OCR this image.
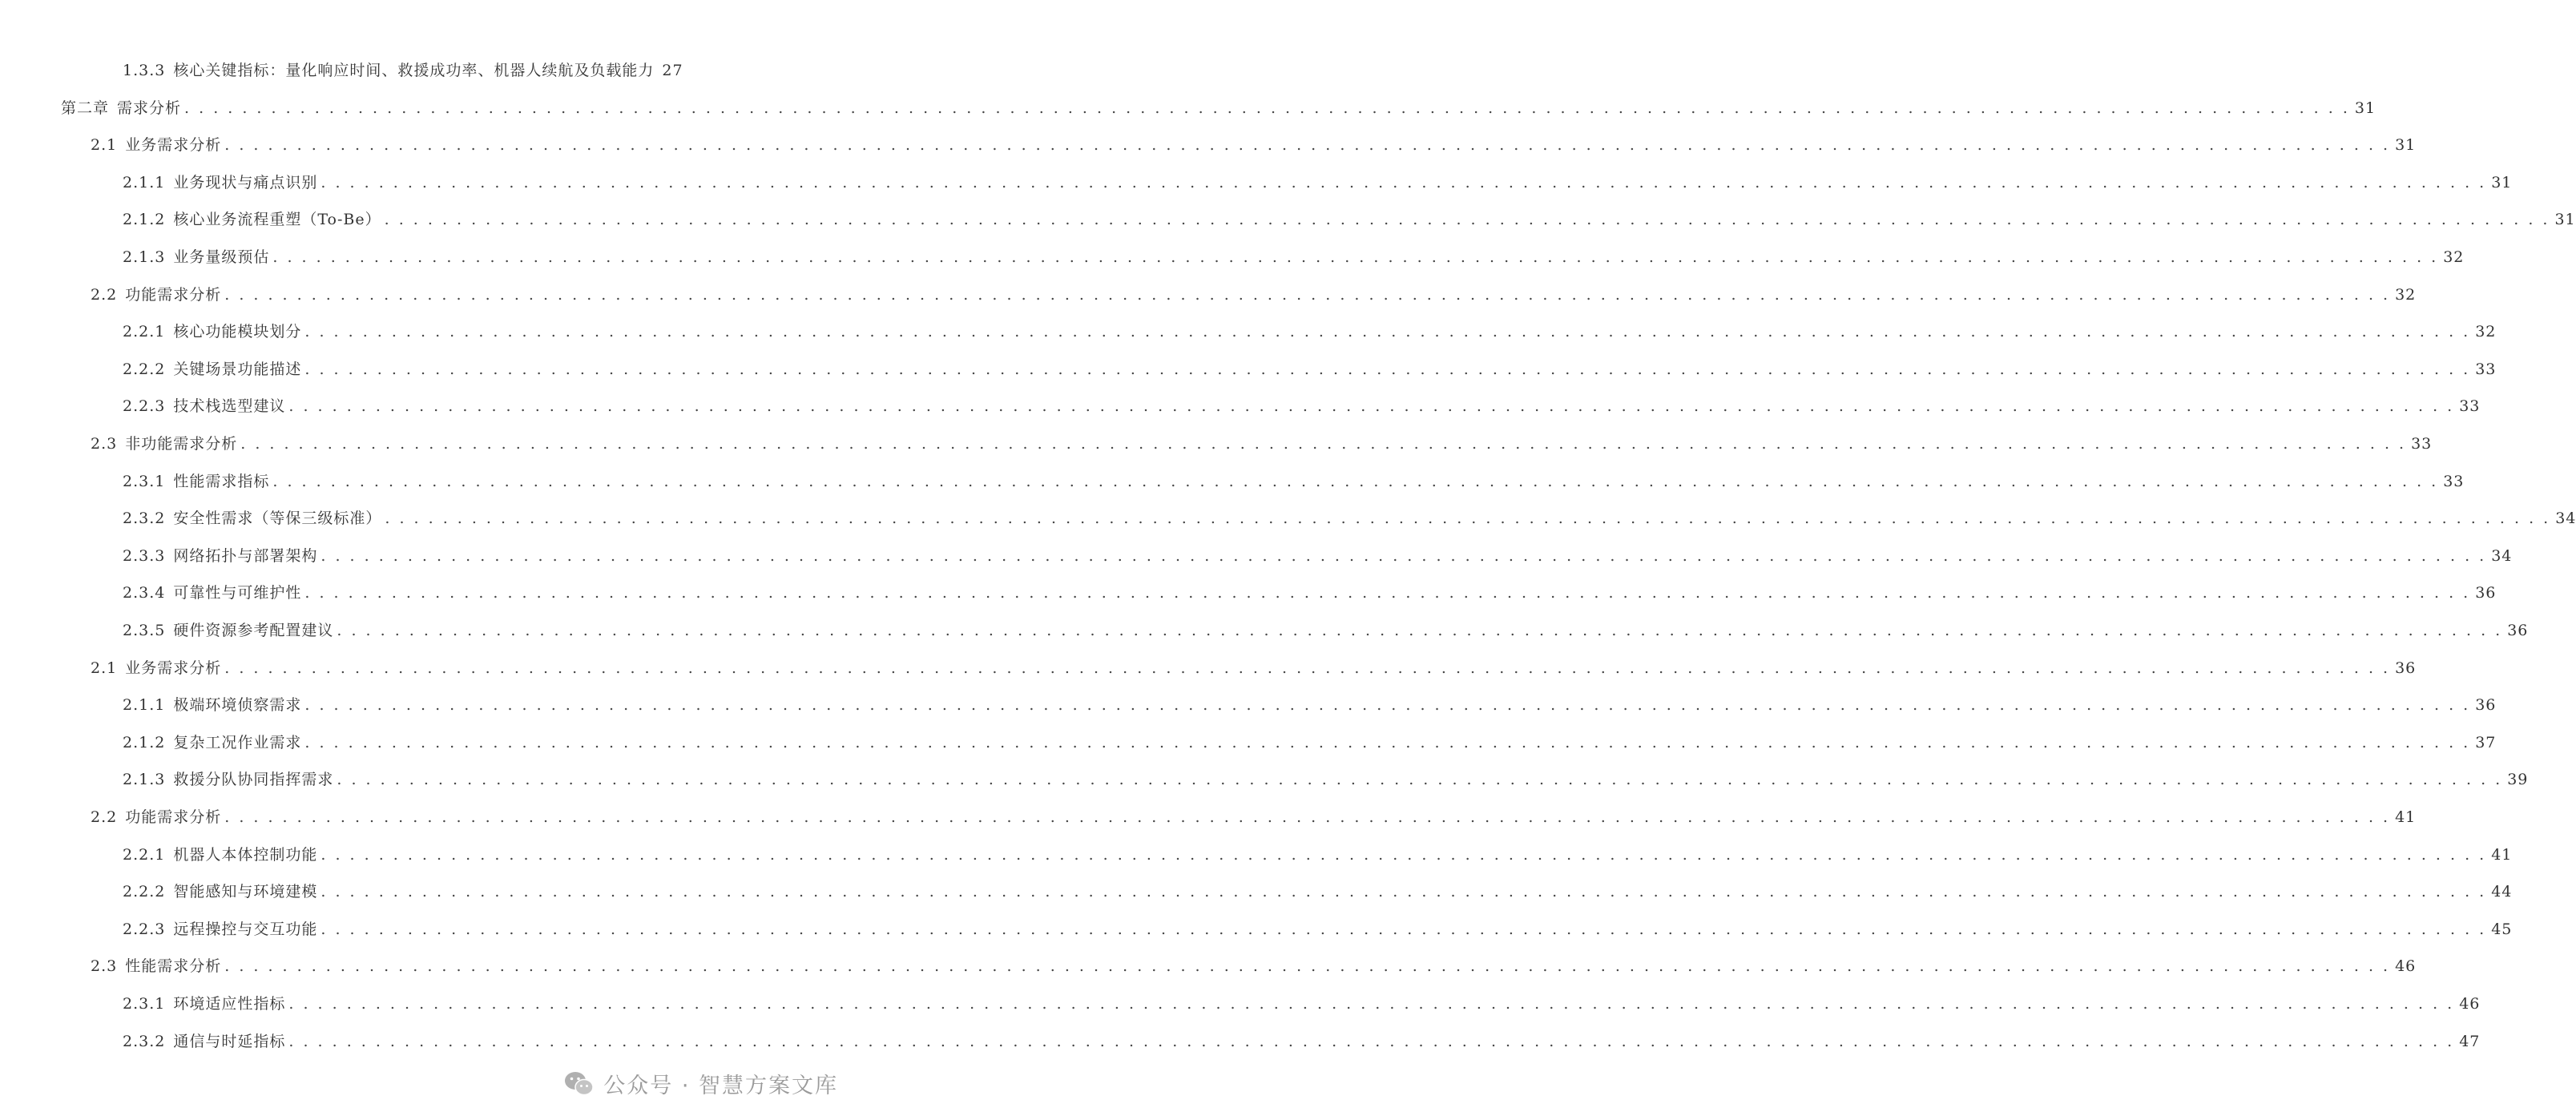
1.3.3 核心关键指标：量化响应时间、救援成功率、机器人续航及负载能力 27
第二章 需求分析 . . . . . . . . . . . . . . . . . . . . . . . . . . . . . . . . . . . . . . . . . . . . . . . . . . . . . . . . . . . . . . . . . . . . . . . . . . . . . . . . . . . . . . . . . . . . . . . . . . . . . . . . . . . . . . . . . . . . . . . . . . . . . . . . . . . . . . . . . . . . . . . . . . . . . . 31
2.1 业务需求分析 . . . . . . . . . . . . . . . . . . . . . . . . . . . . . . . . . . . . . . . . . . . . . . . . . . . . . . . . . . . . . . . . . . . . . . . . . . . . . . . . . . . . . . . . . . . . . . . . . . . . . . . . . . . . . . . . . . . . . . . . . . . . . . . . . . . . . . . . . . . . . . . . . . . . . . 31
2.1.1 业务现状与痛点识别 . . . . . . . . . . . . . . . . . . . . . . . . . . . . . . . . . . . . . . . . . . . . . . . . . . . . . . . . . . . . . . . . . . . . . . . . . . . . . . . . . . . . . . . . . . . . . . . . . . . . . . . . . . . . . . . . . . . . . . . . . . . . . . . . . . . . . . . . . . . . . . . . . . . . . . 31
2.1.2 核心业务流程重塑（To-Be） . . . . . . . . . . . . . . . . . . . . . . . . . . . . . . . . . . . . . . . . . . . . . . . . . . . . . . . . . . . . . . . . . . . . . . . . . . . . . . . . . . . . . . . . . . . . . . . . . . . . . . . . . . . . . . . . . . . . . . . . . . . . . . . . . . . . . . . . . . . . . . . . . . . . . . 31
2.1.3 业务量级预估 . . . . . . . . . . . . . . . . . . . . . . . . . . . . . . . . . . . . . . . . . . . . . . . . . . . . . . . . . . . . . . . . . . . . . . . . . . . . . . . . . . . . . . . . . . . . . . . . . . . . . . . . . . . . . . . . . . . . . . . . . . . . . . . . . . . . . . . . . . . . . . . . . . . . . . 32
2.2 功能需求分析 . . . . . . . . . . . . . . . . . . . . . . . . . . . . . . . . . . . . . . . . . . . . . . . . . . . . . . . . . . . . . . . . . . . . . . . . . . . . . . . . . . . . . . . . . . . . . . . . . . . . . . . . . . . . . . . . . . . . . . . . . . . . . . . . . . . . . . . . . . . . . . . . . . . . . . 32
2.2.1 核心功能模块划分 . . . . . . . . . . . . . . . . . . . . . . . . . . . . . . . . . . . . . . . . . . . . . . . . . . . . . . . . . . . . . . . . . . . . . . . . . . . . . . . . . . . . . . . . . . . . . . . . . . . . . . . . . . . . . . . . . . . . . . . . . . . . . . . . . . . . . . . . . . . . . . . . . . . . . . 32
2.2.2 关键场景功能描述 . . . . . . . . . . . . . . . . . . . . . . . . . . . . . . . . . . . . . . . . . . . . . . . . . . . . . . . . . . . . . . . . . . . . . . . . . . . . . . . . . . . . . . . . . . . . . . . . . . . . . . . . . . . . . . . . . . . . . . . . . . . . . . . . . . . . . . . . . . . . . . . . . . . . . . 33
2.2.3 技术栈选型建议 . . . . . . . . . . . . . . . . . . . . . . . . . . . . . . . . . . . . . . . . . . . . . . . . . . . . . . . . . . . . . . . . . . . . . . . . . . . . . . . . . . . . . . . . . . . . . . . . . . . . . . . . . . . . . . . . . . . . . . . . . . . . . . . . . . . . . . . . . . . . . . . . . . . . . . 33
2.3 非功能需求分析 . . . . . . . . . . . . . . . . . . . . . . . . . . . . . . . . . . . . . . . . . . . . . . . . . . . . . . . . . . . . . . . . . . . . . . . . . . . . . . . . . . . . . . . . . . . . . . . . . . . . . . . . . . . . . . . . . . . . . . . . . . . . . . . . . . . . . . . . . . . . . . . . . . . . . . 33
2.3.1 性能需求指标 . . . . . . . . . . . . . . . . . . . . . . . . . . . . . . . . . . . . . . . . . . . . . . . . . . . . . . . . . . . . . . . . . . . . . . . . . . . . . . . . . . . . . . . . . . . . . . . . . . . . . . . . . . . . . . . . . . . . . . . . . . . . . . . . . . . . . . . . . . . . . . . . . . . . . . 33
2.3.2 安全性需求（等保三级标准） . . . . . . . . . . . . . . . . . . . . . . . . . . . . . . . . . . . . . . . . . . . . . . . . . . . . . . . . . . . . . . . . . . . . . . . . . . . . . . . . . . . . . . . . . . . . . . . . . . . . . . . . . . . . . . . . . . . . . . . . . . . . . . . . . . . . . . . . . . . . . . . . . . . . . . 34
2.3.3 网络拓扑与部署架构 . . . . . . . . . . . . . . . . . . . . . . . . . . . . . . . . . . . . . . . . . . . . . . . . . . . . . . . . . . . . . . . . . . . . . . . . . . . . . . . . . . . . . . . . . . . . . . . . . . . . . . . . . . . . . . . . . . . . . . . . . . . . . . . . . . . . . . . . . . . . . . . . . . . . . . 34
2.3.4 可靠性与可维护性 . . . . . . . . . . . . . . . . . . . . . . . . . . . . . . . . . . . . . . . . . . . . . . . . . . . . . . . . . . . . . . . . . . . . . . . . . . . . . . . . . . . . . . . . . . . . . . . . . . . . . . . . . . . . . . . . . . . . . . . . . . . . . . . . . . . . . . . . . . . . . . . . . . . . . . 36
2.3.5 硬件资源参考配置建议 . . . . . . . . . . . . . . . . . . . . . . . . . . . . . . . . . . . . . . . . . . . . . . . . . . . . . . . . . . . . . . . . . . . . . . . . . . . . . . . . . . . . . . . . . . . . . . . . . . . . . . . . . . . . . . . . . . . . . . . . . . . . . . . . . . . . . . . . . . . . . . . . . . . . . . 36
2.1 业务需求分析 . . . . . . . . . . . . . . . . . . . . . . . . . . . . . . . . . . . . . . . . . . . . . . . . . . . . . . . . . . . . . . . . . . . . . . . . . . . . . . . . . . . . . . . . . . . . . . . . . . . . . . . . . . . . . . . . . . . . . . . . . . . . . . . . . . . . . . . . . . . . . . . . . . . . . . 36
2.1.1 极端环境侦察需求 . . . . . . . . . . . . . . . . . . . . . . . . . . . . . . . . . . . . . . . . . . . . . . . . . . . . . . . . . . . . . . . . . . . . . . . . . . . . . . . . . . . . . . . . . . . . . . . . . . . . . . . . . . . . . . . . . . . . . . . . . . . . . . . . . . . . . . . . . . . . . . . . . . . . . . 36
2.1.2 复杂工况作业需求 . . . . . . . . . . . . . . . . . . . . . . . . . . . . . . . . . . . . . . . . . . . . . . . . . . . . . . . . . . . . . . . . . . . . . . . . . . . . . . . . . . . . . . . . . . . . . . . . . . . . . . . . . . . . . . . . . . . . . . . . . . . . . . . . . . . . . . . . . . . . . . . . . . . . . . 37
2.1.3 救援分队协同指挥需求 . . . . . . . . . . . . . . . . . . . . . . . . . . . . . . . . . . . . . . . . . . . . . . . . . . . . . . . . . . . . . . . . . . . . . . . . . . . . . . . . . . . . . . . . . . . . . . . . . . . . . . . . . . . . . . . . . . . . . . . . . . . . . . . . . . . . . . . . . . . . . . . . . . . . . . 39
2.2 功能需求分析 . . . . . . . . . . . . . . . . . . . . . . . . . . . . . . . . . . . . . . . . . . . . . . . . . . . . . . . . . . . . . . . . . . . . . . . . . . . . . . . . . . . . . . . . . . . . . . . . . . . . . . . . . . . . . . . . . . . . . . . . . . . . . . . . . . . . . . . . . . . . . . . . . . . . . . 41
2.2.1 机器人本体控制功能 . . . . . . . . . . . . . . . . . . . . . . . . . . . . . . . . . . . . . . . . . . . . . . . . . . . . . . . . . . . . . . . . . . . . . . . . . . . . . . . . . . . . . . . . . . . . . . . . . . . . . . . . . . . . . . . . . . . . . . . . . . . . . . . . . . . . . . . . . . . . . . . . . . . . . . 41
2.2.2 智能感知与环境建模 . . . . . . . . . . . . . . . . . . . . . . . . . . . . . . . . . . . . . . . . . . . . . . . . . . . . . . . . . . . . . . . . . . . . . . . . . . . . . . . . . . . . . . . . . . . . . . . . . . . . . . . . . . . . . . . . . . . . . . . . . . . . . . . . . . . . . . . . . . . . . . . . . . . . . . 44
2.2.3 远程操控与交互功能 . . . . . . . . . . . . . . . . . . . . . . . . . . . . . . . . . . . . . . . . . . . . . . . . . . . . . . . . . . . . . . . . . . . . . . . . . . . . . . . . . . . . . . . . . . . . . . . . . . . . . . . . . . . . . . . . . . . . . . . . . . . . . . . . . . . . . . . . . . . . . . . . . . . . . . 45
2.3 性能需求分析 . . . . . . . . . . . . . . . . . . . . . . . . . . . . . . . . . . . . . . . . . . . . . . . . . . . . . . . . . . . . . . . . . . . . . . . . . . . . . . . . . . . . . . . . . . . . . . . . . . . . . . . . . . . . . . . . . . . . . . . . . . . . . . . . . . . . . . . . . . . . . . . . . . . . . . 46
2.3.1 环境适应性指标 . . . . . . . . . . . . . . . . . . . . . . . . . . . . . . . . . . . . . . . . . . . . . . . . . . . . . . . . . . . . . . . . . . . . . . . . . . . . . . . . . . . . . . . . . . . . . . . . . . . . . . . . . . . . . . . . . . . . . . . . . . . . . . . . . . . . . . . . . . . . . . . . . . . . . . 46
2.3.2 通信与时延指标 . . . . . . . . . . . . . . . . . . . . . . . . . . . . . . . . . . . . . . . . . . . . . . . . . . . . . . . . . . . . . . . . . . . . . . . . . . . . . . . . . . . . . . . . . . . . . . . . . . . . . . . . . . . . . . . . . . . . . . . . . . . . . . . . . . . . . . . . . . . . . . . . . . . . . . 47
公众号 · 智慧方案文库
